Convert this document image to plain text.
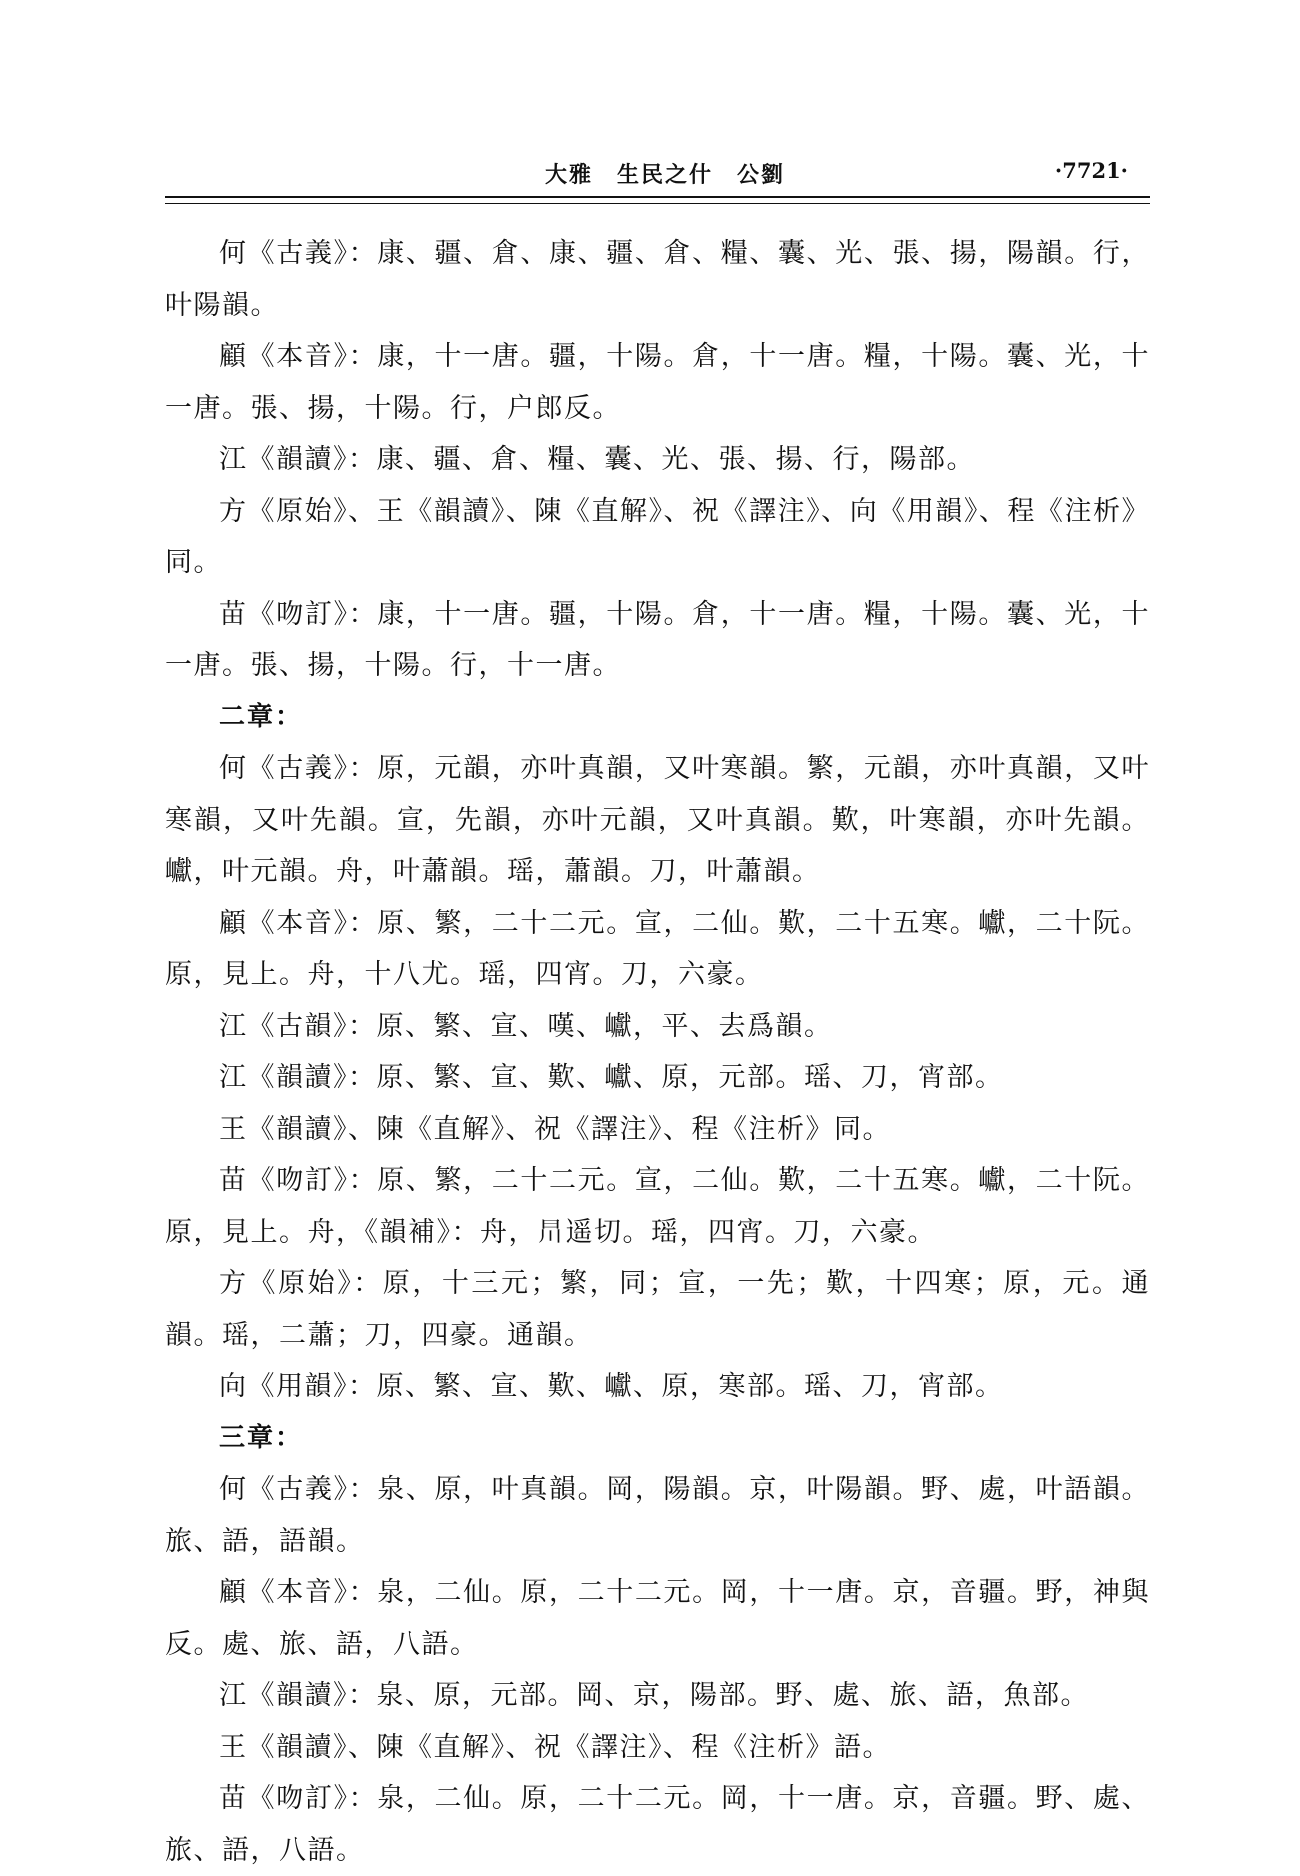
大雅　生民之什　公劉	·7721·

何《古義》：康、疆、倉、康、疆、倉、糧、囊、光、張、揚，陽韻。行，叶陽韻。

顧《本音》：康，十一唐。疆，十陽。倉，十一唐。糧，十陽。囊、光，十一唐。張、揚，十陽。行，户郎反。

江《韻讀》：康、疆、倉、糧、囊、光、張、揚、行，陽部。

方《原始》、王《韻讀》、陳《直解》、祝《譯注》、向《用韻》、程《注析》同。

苗《吻訂》：康，十一唐。疆，十陽。倉，十一唐。糧，十陽。囊、光，十一唐。張、揚，十陽。行，十一唐。

二章：

何《古義》：原，元韻，亦叶真韻，又叶寒韻。繁，元韻，亦叶真韻，又叶寒韻，又叶先韻。宣，先韻，亦叶元韻，又叶真韻。歎，叶寒韻，亦叶先韻。巘，叶元韻。舟，叶蕭韻。瑶，蕭韻。刀，叶蕭韻。

顧《本音》：原、繁，二十二元。宣，二仙。歎，二十五寒。巘，二十阮。原，見上。舟，十八尤。瑶，四宵。刀，六豪。

江《古韻》：原、繁、宣、嘆、巘，平、去爲韻。

江《韻讀》：原、繁、宣、歎、巘、原，元部。瑶、刀，宵部。

王《韻讀》、陳《直解》、祝《譯注》、程《注析》同。

苗《吻訂》：原、繁，二十二元。宣，二仙。歎，二十五寒。巘，二十阮。原，見上。舟，《韻補》：舟，𣅕遥切。瑶，四宵。刀，六豪。

方《原始》：原，十三元；繁，同；宣，一先；歎，十四寒；原，元。通韻。瑶，二蕭；刀，四豪。通韻。

向《用韻》：原、繁、宣、歎、巘、原，寒部。瑶、刀，宵部。

三章：

何《古義》：泉、原，叶真韻。岡，陽韻。京，叶陽韻。野、處，叶語韻。旅、語，語韻。

顧《本音》：泉，二仙。原，二十二元。岡，十一唐。京，音疆。野，神與反。處、旅、語，八語。

江《韻讀》：泉、原，元部。岡、京，陽部。野、處、旅、語，魚部。

王《韻讀》、陳《直解》、祝《譯注》、程《注析》語。

苗《吻訂》：泉，二仙。原，二十二元。岡，十一唐。京，音疆。野、處、旅、語，八語。
